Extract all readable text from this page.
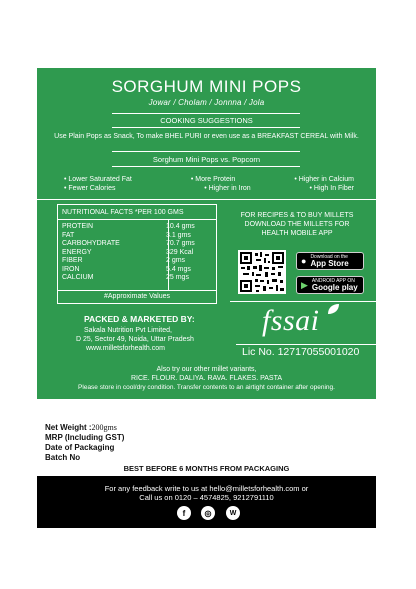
SORGHUM MINI POPS
Jowar / Cholam / Jonnna / Jola
COOKING SUGGESTIONS
Use Plain Pops as Snack, To make BHEL PURI or even use as a BREAKFAST CEREAL with Milk.
Sorghum Mini Pops vs. Popcorn
• Lower Saturated Fat	• More Protein	• Higher in Calcium
• Fewer Calories	• Higher in Iron	• High In Fiber
NUTRITIONAL FACTS *PER 100 GMS
PROTEIN	10.4 gms
FAT	3.1 gms
CARBOHYDRATE	70.7 gms
ENERGY	329 Kcal
FIBER	2 gms
IRON	5.4 mgs
CALCIUM	25 mgs
#Approximate Values
FOR RECIPES & TO BUY MILLETS DOWNLOAD THE MILLETS FOR HEALTH MOBILE APP
● Download on the
App Store
▶ ANDROID APP ON
Google play
PACKED & MARKETED BY:
Sakala Nutrition Pvt Limited,
D 25, Sector 49, Noida, Uttar Pradesh
www.milletsforhealth.com
fssai
Lic No. 12717055001020
Also try our other millet variants,
RICE. FLOUR. DALIYA. RAVA. FLAKES. PASTA
Please store in cool/dry condition. Transfer contents to an airtight container after opening.
Net Weight :200gms
MRP (Including GST)
Date of Packaging
Batch No
BEST BEFORE 6 MONTHS FROM PACKAGING
For any feedback write to us at hello@milletsforhealth.com or
Call us on 0120 – 4574825, 9212791110
f	◎	W
